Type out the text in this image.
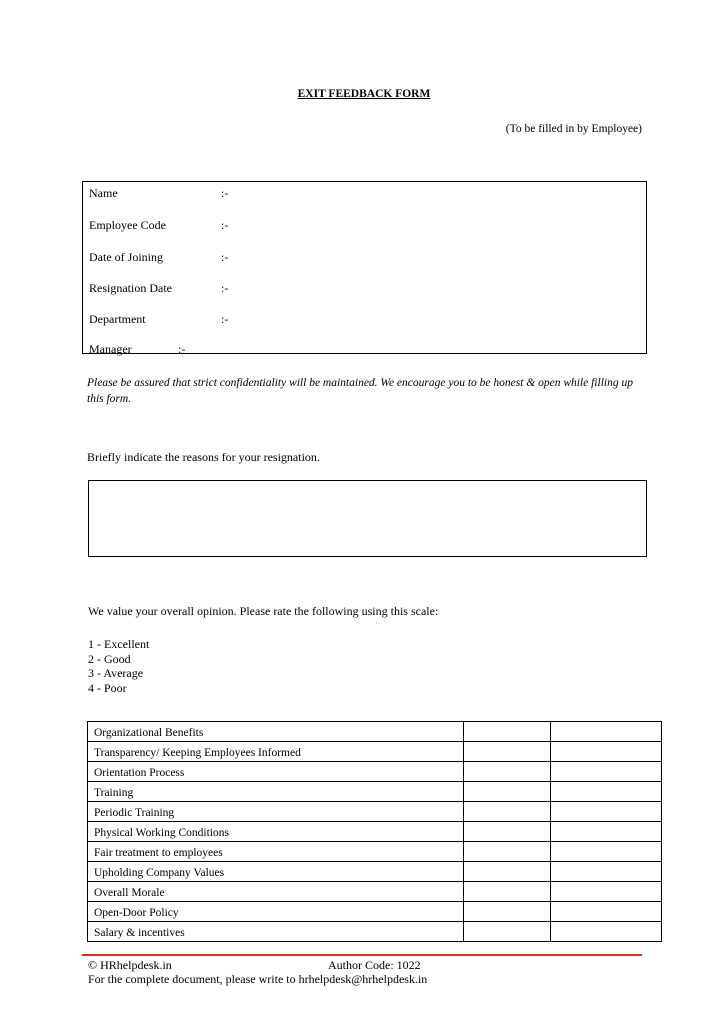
EXIT FEEDBACK FORM
(To be filled in by Employee)
Name	:-
Employee Code	:-
Date of Joining	:-
Resignation Date	:-
Department	:-
Manager	:-
Please be assured that strict confidentiality will be maintained. We encourage you to be honest & open while filling up this form.
Briefly indicate the reasons for your resignation.
We value your overall opinion. Please rate the following using this scale:
1 - Excellent
2 - Good
3 - Average
4 - Poor
Organizational Benefits		
Transparency/ Keeping Employees Informed		
Orientation Process		
Training		
Periodic Training		
Physical Working Conditions		
Fair treatment to employees		
Upholding Company Values		
Overall Morale		
Open-Door Policy		
Salary & incentives		
© HRhelpdesk.in	Author Code: 1022
For the complete document, please write to hrhelpdesk@hrhelpdesk.in
